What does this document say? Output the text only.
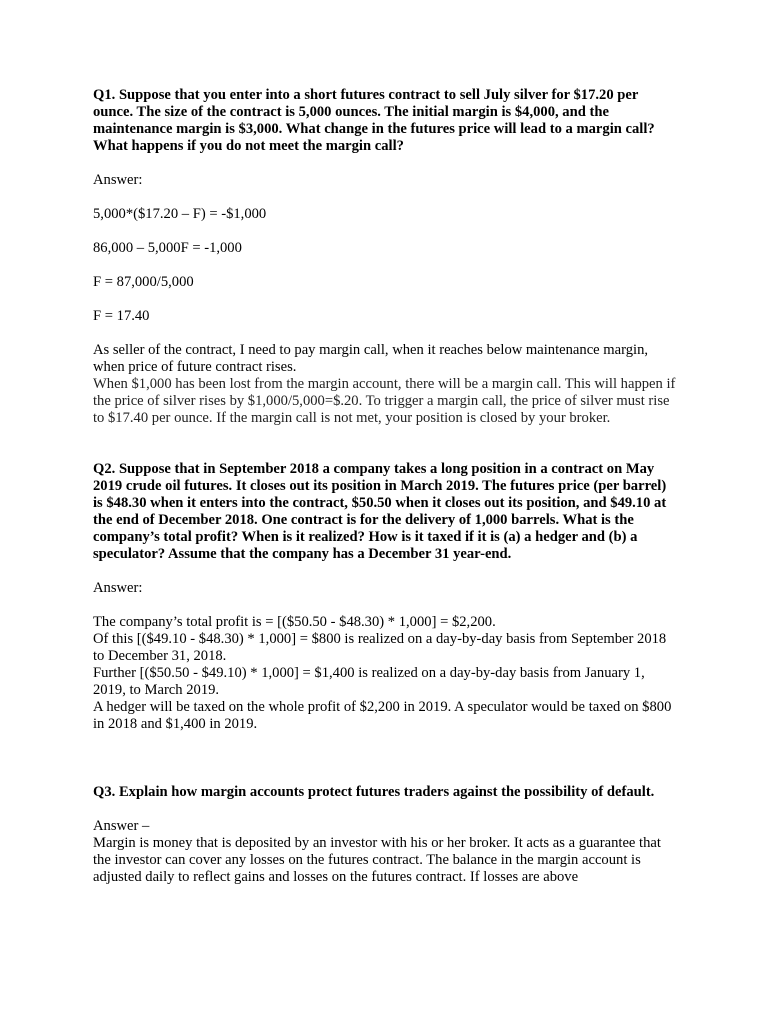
Q1. Suppose that you enter into a short futures contract to sell July silver for $17.20 per ounce. The size of the contract is 5,000 ounces. The initial margin is $4,000, and the maintenance margin is $3,000. What change in the futures price will lead to a margin call? What happens if you do not meet the margin call?

Answer:

5,000*($17.20 – F) = -$1,000

86,000 – 5,000F = -1,000

F = 87,000/5,000

F = 17.40

As seller of the contract, I need to pay margin call, when it reaches below maintenance margin, when price of future contract rises.

When $1,000 has been lost from the margin account, there will be a margin call. This will happen if the price of silver rises by $1,000/5,000=$.20. To trigger a margin call, the price of silver must rise to $17.40 per ounce. If the margin call is not met, your position is closed by your broker.

Q2. Suppose that in September 2018 a company takes a long position in a contract on May 2019 crude oil futures. It closes out its position in March 2019. The futures price (per barrel) is $48.30 when it enters into the contract, $50.50 when it closes out its position, and $49.10 at the end of December 2018. One contract is for the delivery of 1,000 barrels. What is the company’s total profit? When is it realized? How is it taxed if it is (a) a hedger and (b) a speculator? Assume that the company has a December 31 year-end.

Answer:

The company’s total profit is = [($50.50 - $48.30) * 1,000] = $2,200.

Of this [($49.10 - $48.30) * 1,000] = $800 is realized on a day-by-day basis from September 2018 to December 31, 2018.

Further [($50.50 - $49.10) * 1,000] = $1,400 is realized on a day-by-day basis from January 1, 2019, to March 2019.

A hedger will be taxed on the whole profit of $2,200 in 2019. A speculator would be taxed on $800 in 2018 and $1,400 in 2019.

Q3. Explain how margin accounts protect futures traders against the possibility of default.

Answer –

Margin is money that is deposited by an investor with his or her broker. It acts as a guarantee that the investor can cover any losses on the futures contract. The balance in the margin account is adjusted daily to reflect gains and losses on the futures contract. If losses are above
